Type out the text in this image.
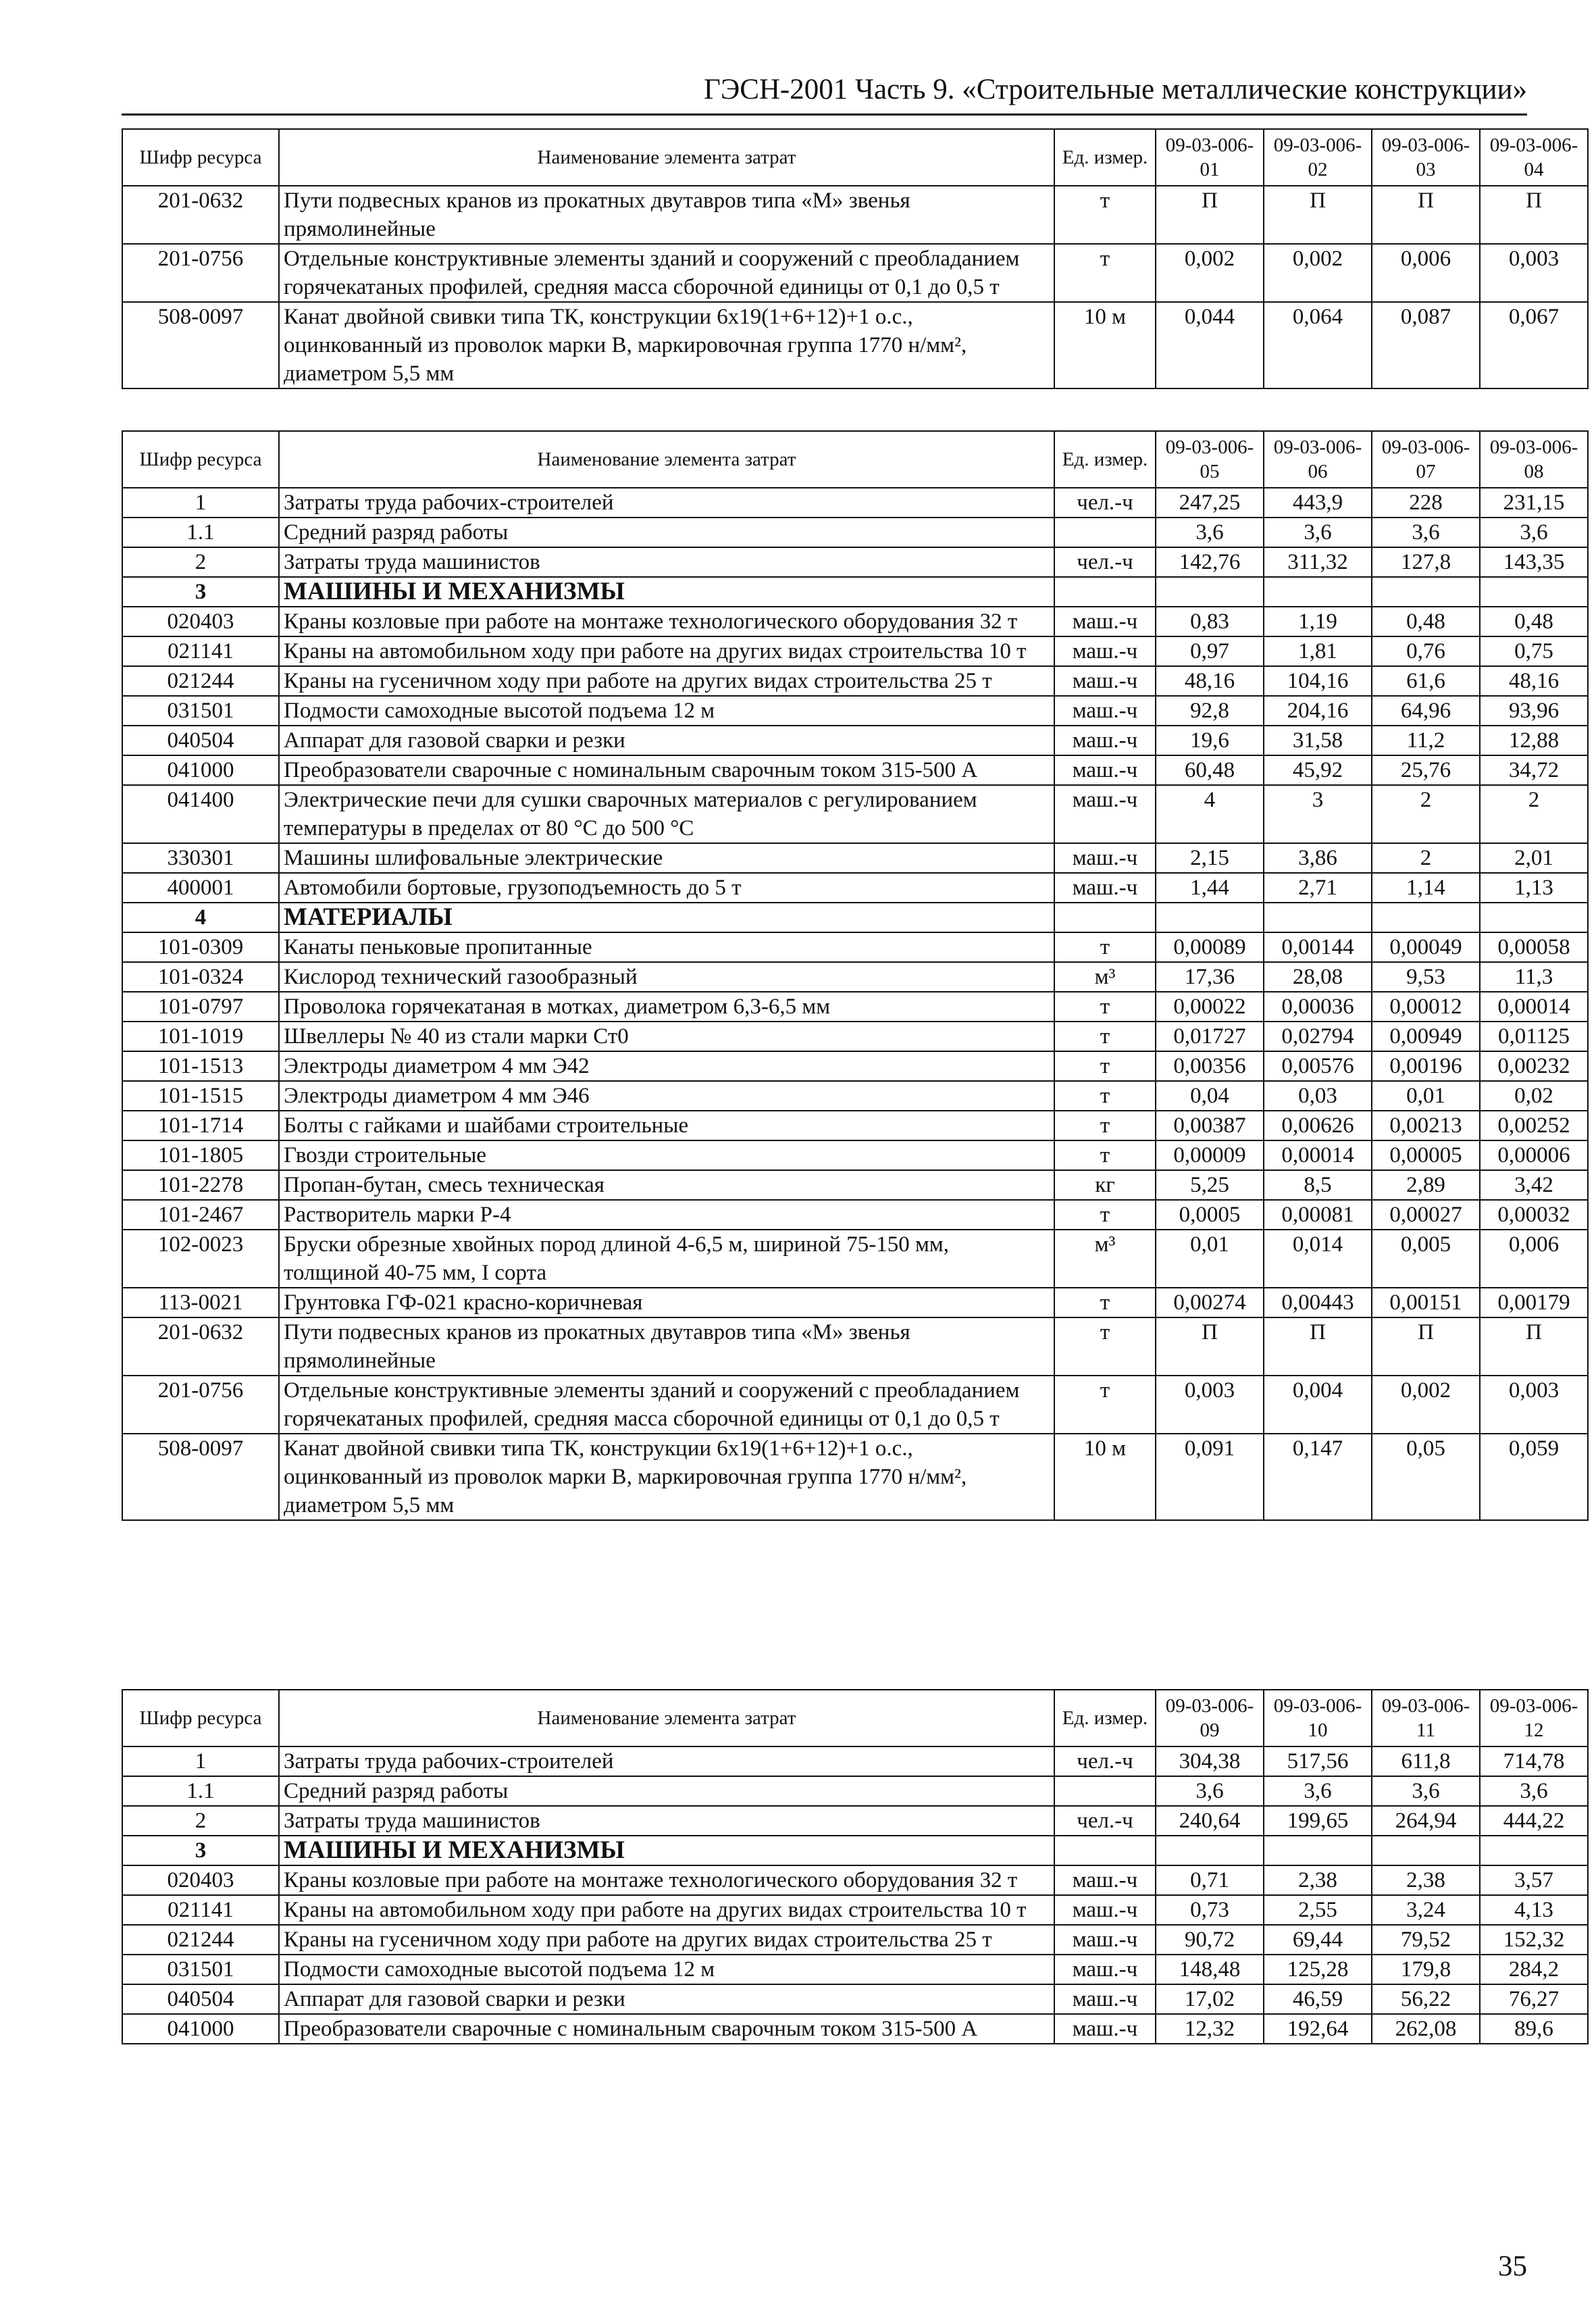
ГЭСН-2001 Часть 9. «Строительные металлические конструкции»
Шифр ресурса	Наименование элемента затрат	Ед. измер.	09-03-006-01	09-03-006-02	09-03-006-03	09-03-006-04
201-0632	Пути подвесных кранов из прокатных двутавров типа «М» звенья прямолинейные	т	П	П	П	П
201-0756	Отдельные конструктивные элементы зданий и сооружений с преобладанием горячекатаных профилей, средняя масса сборочной единицы от 0,1 до 0,5 т	т	0,002	0,002	0,006	0,003
508-0097	Канат двойной свивки типа ТК, конструкции 6х19(1+6+12)+1 о.с., оцинкованный из проволок марки В, маркировочная группа 1770 н/мм², диаметром 5,5 мм	10 м	0,044	0,064	0,087	0,067
Шифр ресурса	Наименование элемента затрат	Ед. измер.	09-03-006-05	09-03-006-06	09-03-006-07	09-03-006-08
1	Затраты труда рабочих-строителей	чел.-ч	247,25	443,9	228	231,15
1.1	Средний разряд работы		3,6	3,6	3,6	3,6
2	Затраты труда машинистов	чел.-ч	142,76	311,32	127,8	143,35
3	МАШИНЫ И МЕХАНИЗМЫ					
020403	Краны козловые при работе на монтаже технологического оборудования 32 т	маш.-ч	0,83	1,19	0,48	0,48
021141	Краны на автомобильном ходу при работе на других видах строительства 10 т	маш.-ч	0,97	1,81	0,76	0,75
021244	Краны на гусеничном ходу при работе на других видах строительства 25 т	маш.-ч	48,16	104,16	61,6	48,16
031501	Подмости самоходные высотой подъема 12 м	маш.-ч	92,8	204,16	64,96	93,96
040504	Аппарат для газовой сварки и резки	маш.-ч	19,6	31,58	11,2	12,88
041000	Преобразователи сварочные с номинальным сварочным током 315-500 А	маш.-ч	60,48	45,92	25,76	34,72
041400	Электрические печи для сушки сварочных материалов с регулированием температуры в пределах от 80 °С до 500 °С	маш.-ч	4	3	2	2
330301	Машины шлифовальные электрические	маш.-ч	2,15	3,86	2	2,01
400001	Автомобили бортовые, грузоподъемность до 5 т	маш.-ч	1,44	2,71	1,14	1,13
4	МАТЕРИАЛЫ					
101-0309	Канаты пеньковые пропитанные	т	0,00089	0,00144	0,00049	0,00058
101-0324	Кислород технический газообразный	м³	17,36	28,08	9,53	11,3
101-0797	Проволока горячекатаная в мотках, диаметром 6,3-6,5 мм	т	0,00022	0,00036	0,00012	0,00014
101-1019	Швеллеры № 40 из стали марки Ст0	т	0,01727	0,02794	0,00949	0,01125
101-1513	Электроды диаметром 4 мм Э42	т	0,00356	0,00576	0,00196	0,00232
101-1515	Электроды диаметром 4 мм Э46	т	0,04	0,03	0,01	0,02
101-1714	Болты с гайками и шайбами строительные	т	0,00387	0,00626	0,00213	0,00252
101-1805	Гвозди строительные	т	0,00009	0,00014	0,00005	0,00006
101-2278	Пропан-бутан, смесь техническая	кг	5,25	8,5	2,89	3,42
101-2467	Растворитель марки Р-4	т	0,0005	0,00081	0,00027	0,00032
102-0023	Бруски обрезные хвойных пород длиной 4-6,5 м, шириной 75-150 мм, толщиной 40-75 мм, I сорта	м³	0,01	0,014	0,005	0,006
113-0021	Грунтовка ГФ-021 красно-коричневая	т	0,00274	0,00443	0,00151	0,00179
201-0632	Пути подвесных кранов из прокатных двутавров типа «М» звенья прямолинейные	т	П	П	П	П
201-0756	Отдельные конструктивные элементы зданий и сооружений с преобладанием горячекатаных профилей, средняя масса сборочной единицы от 0,1 до 0,5 т	т	0,003	0,004	0,002	0,003
508-0097	Канат двойной свивки типа ТК, конструкции 6х19(1+6+12)+1 о.с., оцинкованный из проволок марки В, маркировочная группа 1770 н/мм², диаметром 5,5 мм	10 м	0,091	0,147	0,05	0,059
Шифр ресурса	Наименование элемента затрат	Ед. измер.	09-03-006-09	09-03-006-10	09-03-006-11	09-03-006-12
1	Затраты труда рабочих-строителей	чел.-ч	304,38	517,56	611,8	714,78
1.1	Средний разряд работы		3,6	3,6	3,6	3,6
2	Затраты труда машинистов	чел.-ч	240,64	199,65	264,94	444,22
3	МАШИНЫ И МЕХАНИЗМЫ					
020403	Краны козловые при работе на монтаже технологического оборудования 32 т	маш.-ч	0,71	2,38	2,38	3,57
021141	Краны на автомобильном ходу при работе на других видах строительства 10 т	маш.-ч	0,73	2,55	3,24	4,13
021244	Краны на гусеничном ходу при работе на других видах строительства 25 т	маш.-ч	90,72	69,44	79,52	152,32
031501	Подмости самоходные высотой подъема 12 м	маш.-ч	148,48	125,28	179,8	284,2
040504	Аппарат для газовой сварки и резки	маш.-ч	17,02	46,59	56,22	76,27
041000	Преобразователи сварочные с номинальным сварочным током 315-500 А	маш.-ч	12,32	192,64	262,08	89,6
35
